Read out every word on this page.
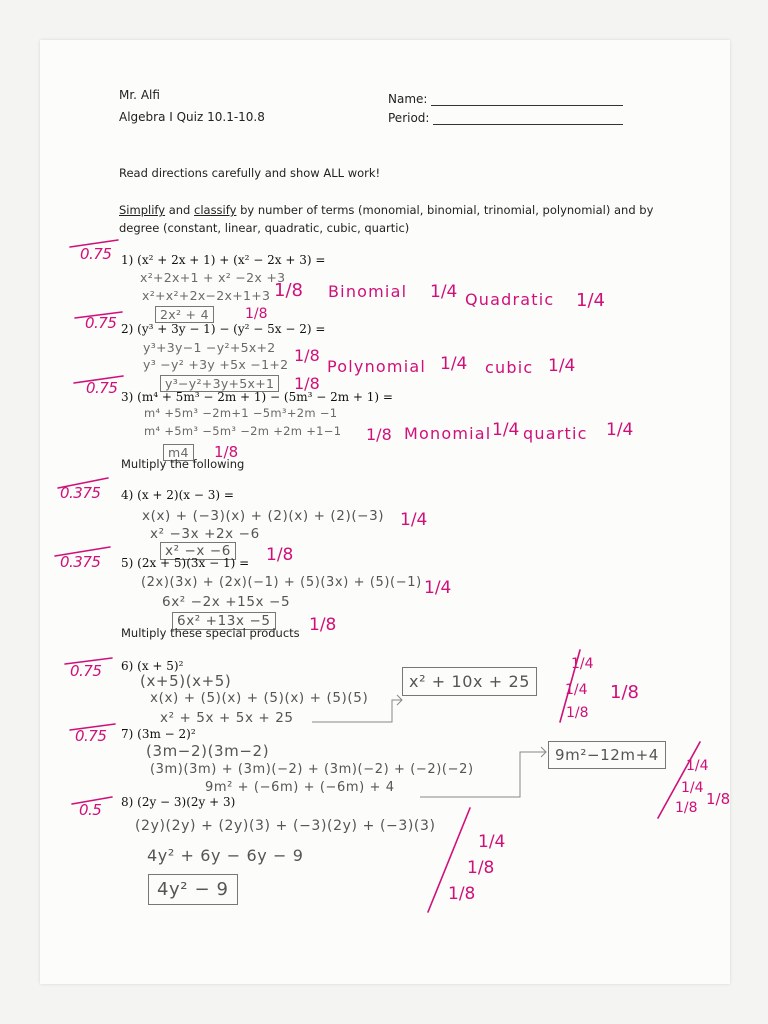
Mr. Alfi
Algebra I Quiz 10.1-10.8
Name:
Period:
Read directions carefully and show ALL work!
Simplify and classify by number of terms (monomial, binomial, trinomial, polynomial) and by
degree (constant, linear, quadratic, cubic, quartic)
0.75 1) (x² + 2x + 1) + (x² − 2x + 3) =
x²+2x+1 + x² −2x +3
x²+x²+2x−2x+1+3
2x² + 4
1/8 Binomial 1/4 Quadratic 1/4
1/8
0.75 2) (y³ + 3y − 1) − (y² − 5x − 2) =
y³+3y−1 −y²+5x+2
y³ −y² +3y +5x −1+2
y³−y²+3y+5x+1
1/8
Polynomial 1/4 cubic 1/4
1/8
0.75 3) (m⁴ + 5m³ − 2m + 1) − (5m³ − 2m + 1) =
m⁴ +5m³ −2m+1 −5m³+2m −1
m⁴ +5m³ −5m³ −2m +2m +1−1
m4
1/8 Monomial 1/4 quartic 1/4
1/8
Multiply the following
0.375 4) (x + 2)(x − 3) =
x(x) + (−3)(x) + (2)(x) + (2)(−3)
x² −3x +2x −6
x² −x −6
1/4
1/8
0.375 5) (2x + 5)(3x − 1) =
(2x)(3x) + (2x)(−1) + (5)(3x) + (5)(−1)
6x² −2x +15x −5
6x² +13x −5
1/4
1/8
Multiply these special products
0.75 6) (x + 5)²
(x+5)(x+5)
x(x) + (5)(x) + (5)(x) + (5)(5)
x² + 5x + 5x + 25
x² + 10x + 25
1/4
1/4 1/8
1/8
0.75 7) (3m − 2)²
(3m−2)(3m−2)
(3m)(3m) + (3m)(−2) + (3m)(−2) + (−2)(−2)
9m² + (−6m) + (−6m) + 4
9m²−12m+4
1/4
1/4
1/8
1/8
0.5 8) (2y − 3)(2y + 3)
(2y)(2y) + (2y)(3) + (−3)(2y) + (−3)(3)
4y² + 6y − 6y − 9
4y² − 9
1/4
1/8
1/8
